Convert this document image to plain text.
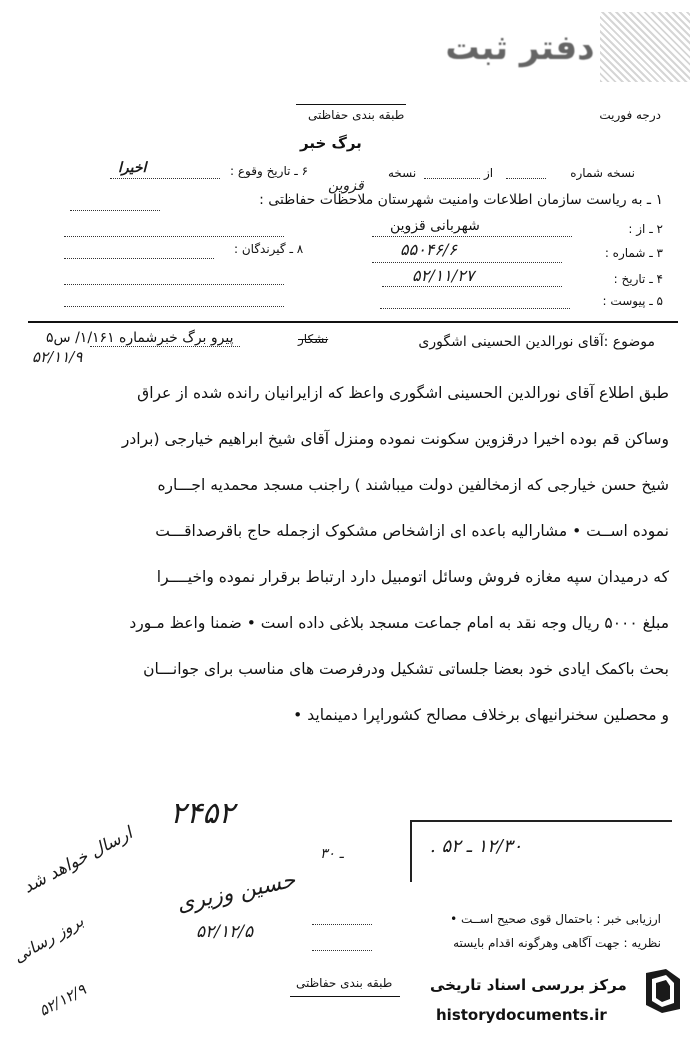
دفتر ثبت
درجه فوریت
طبقه بندی حفاظتی
برگ خبر
نسخه شماره
از
نسخه
۶ ـ تاریخ وقوع :
اخیرا
قزوین
۱ ـ به ریاست سازمان اطلاعات وامنیت شهرستان ملاحظات حفاظتی :
۲ ـ از :
شهربانی قزوین
۳ ـ شماره :
۵۵۰۴۶/۶
۸ ـ گیرندگان :
۴ ـ تاریخ :
۵۲/۱۱/۲۷
۵ ـ پیوست :
موضوع :آقای نورالدین الحسینی اشگوری
نشکار
پیرو برگ خبرشماره ۱/۱۶۱/ س۵
۵۲/۱۱/۹
طبق اطلاع آقای نورالدین الحسینی اشگوری واعظ که ازایرانیان رانده شده از عراق
وساکن قم بوده اخیرا درقزوین سکونت نموده ومنزل آقای شیخ ابراهیم خیارجی (برادر
شیخ حسن خیارجی که ازمخالفین دولت میباشند ) راجنب مسجد محمدیه اجـــاره
نموده اســت • مشارالیه باعده ای ازاشخاص مشکوک ازجمله حاج باقرصداقـــت
که درمیدان سپه مغازه فروش وسائل اتومبیل دارد ارتباط برقرار نموده واخیــــرا
مبلغ ۵۰۰۰ ریال وجه نقد به امام جماعت مسجد بلاغی داده است • ضمنا واعظ مـورد
بحث باکمک ایادی خود بعضا جلساتی تشکیل ودرفرصت های مناسب برای جوانـــان
و محصلین سخنرانیهای برخلاف مصالح کشوراپرا دمینماید •
۲۴۵۲
۱۲/۳۰ ـ ۵۲ .
ـ ۳۰
ارسال خواهد شد
بروز رسانی
۵۲/۱۲/۹
حسین وزیری
۵۲/۱۲/۵
ارزیابی خبر : باحتمال قوی صحیح اســت •
نظریه : جهت آگاهی وهرگونه اقدام بایسته
طبقه بندی حفاظتی	مرکز بررسی اسناد تاریخی
historydocuments.ir
